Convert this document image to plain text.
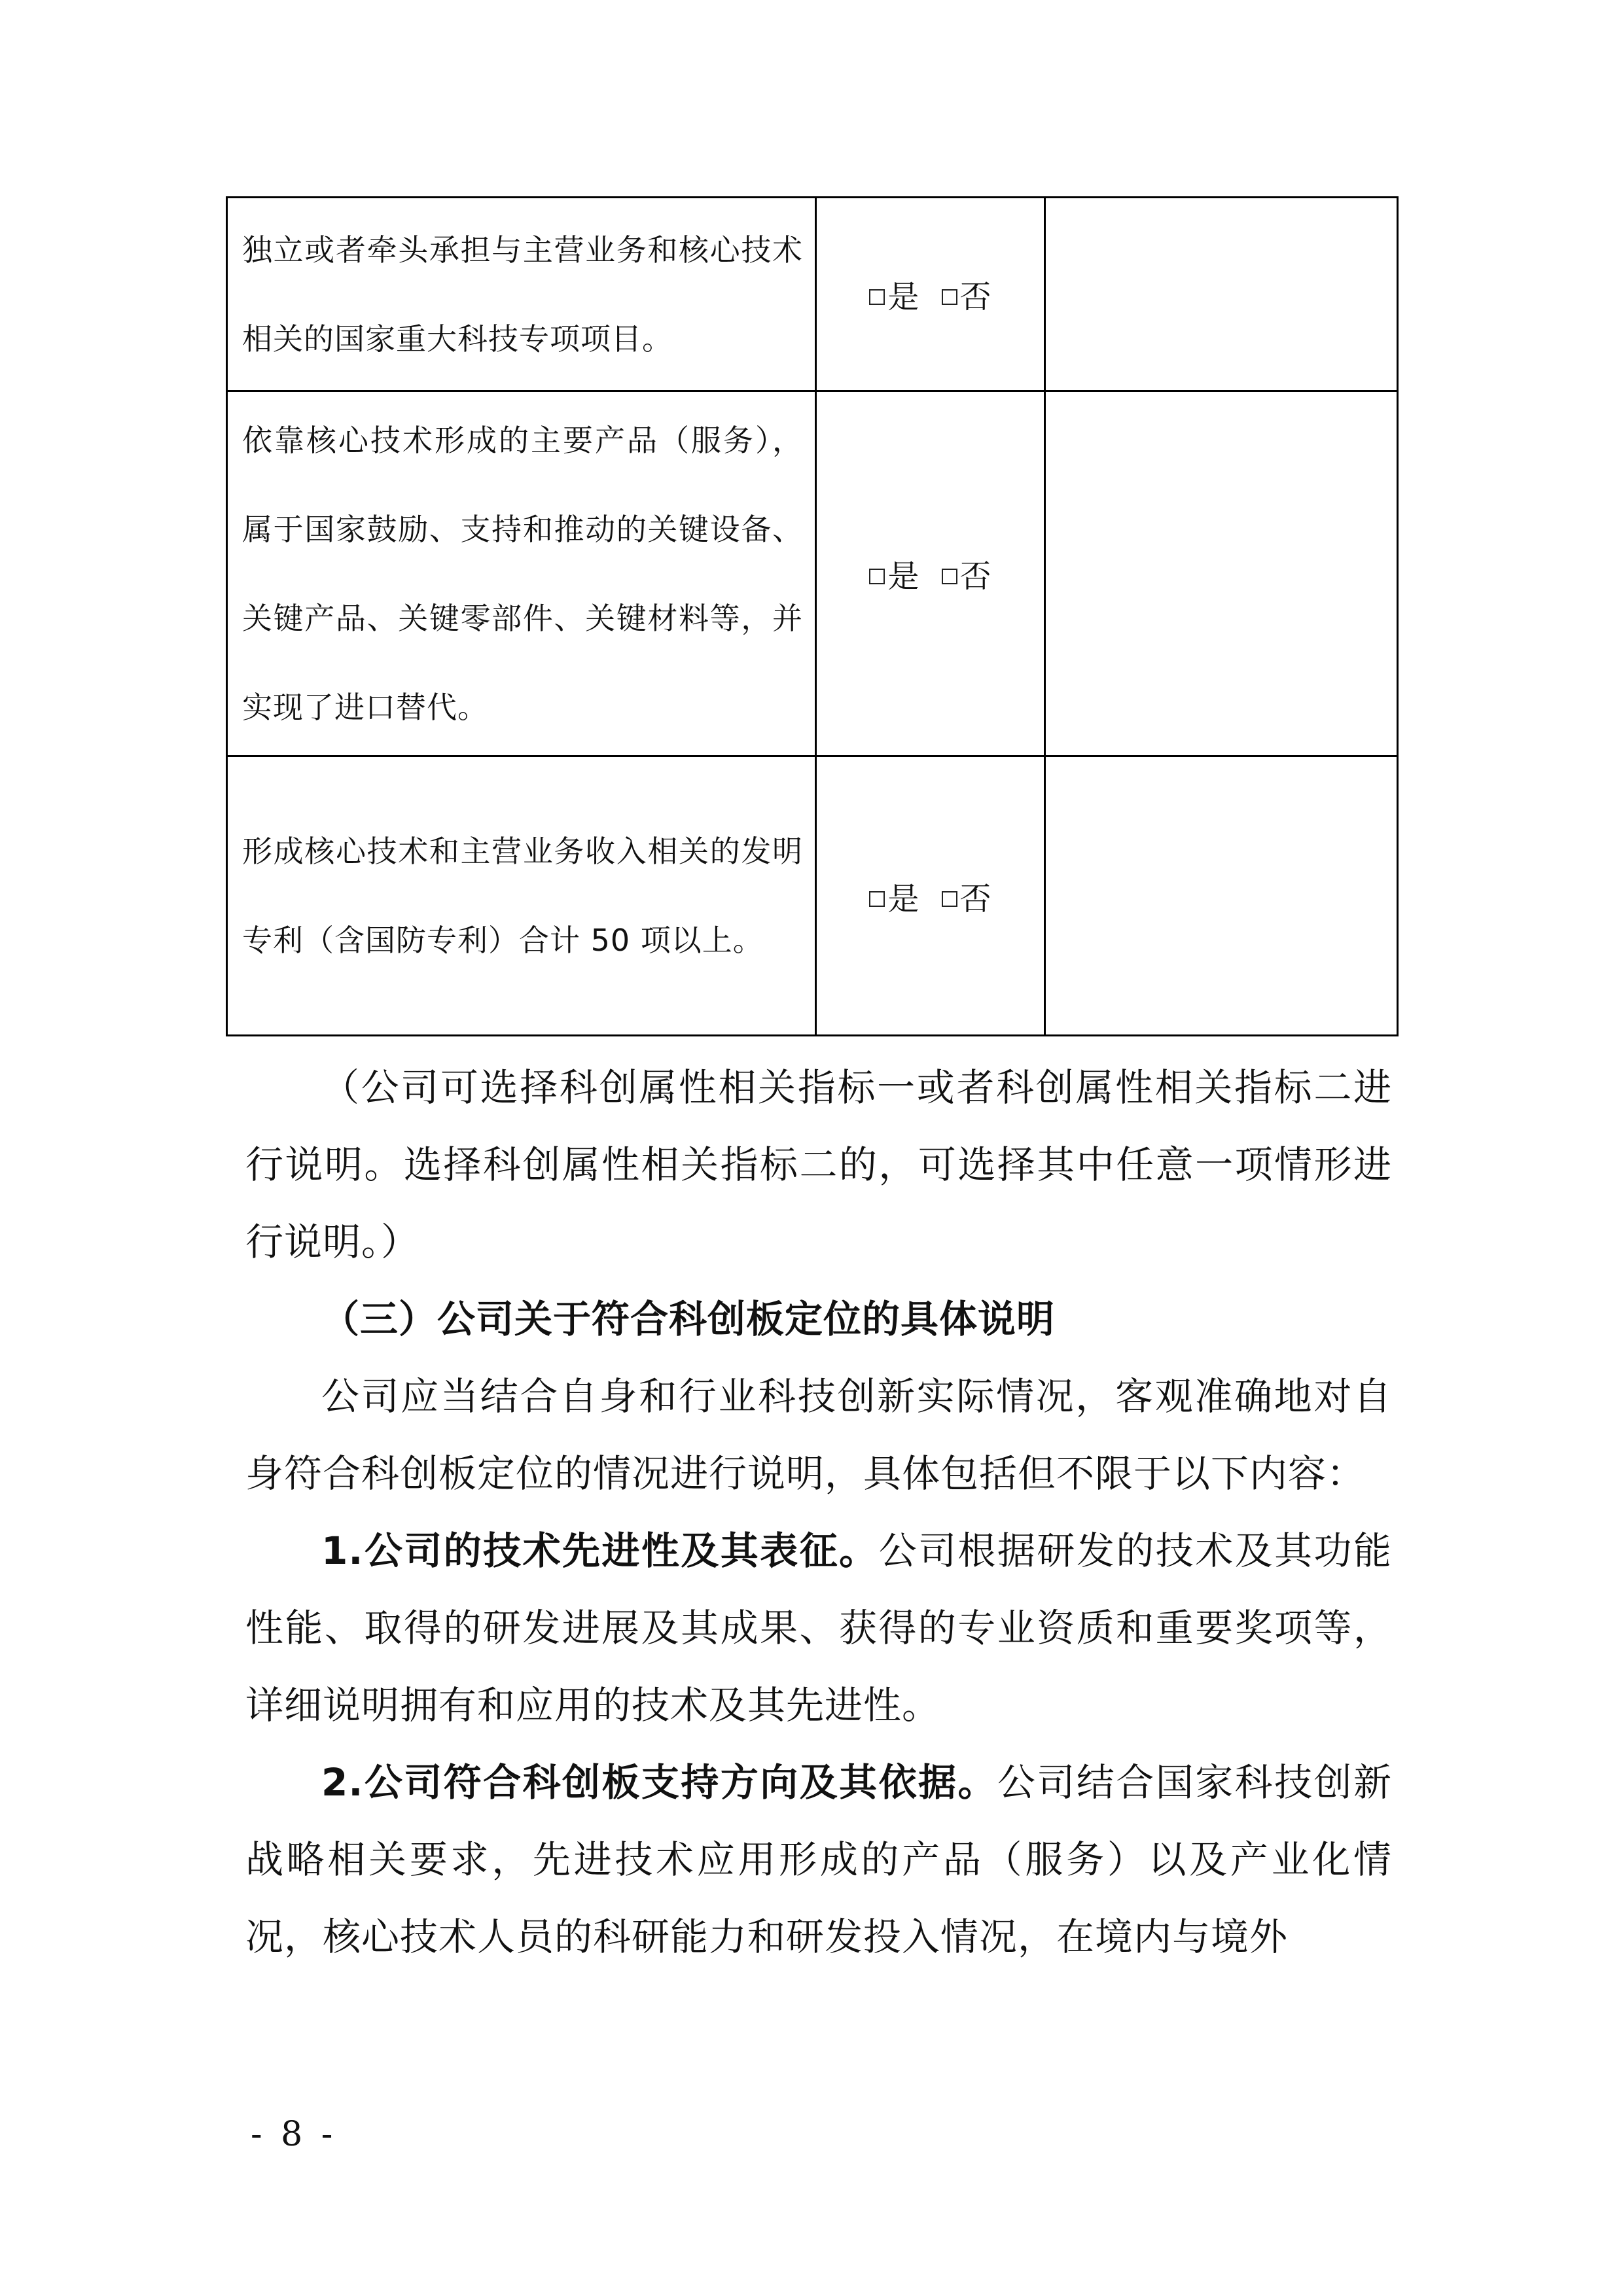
独立或者牵头承担与主营业务和核心技术相关的国家重大科技专项项目。	是 否	

依靠核心技术形成的主要产品（服务），属于国家鼓励、支持和推动的关键设备、关键产品、关键零部件、关键材料等，并实现了进口替代。	是 否	

形成核心技术和主营业务收入相关的发明专利（含国防专利）合计 50 项以上。	是 否	

（公司可选择科创属性相关指标一或者科创属性相关指标二进行说明。选择科创属性相关指标二的，可选择其中任意一项情形进行说明。）

（三）公司关于符合科创板定位的具体说明

公司应当结合自身和行业科技创新实际情况，客观准确地对自身符合科创板定位的情况进行说明，具体包括但不限于以下内容：

1.公司的技术先进性及其表征。公司根据研发的技术及其功能性能、取得的研发进展及其成果、获得的专业资质和重要奖项等，详细说明拥有和应用的技术及其先进性。

2.公司符合科创板支持方向及其依据。公司结合国家科技创新战略相关要求，先进技术应用形成的产品（服务）以及产业化情况，核心技术人员的科研能力和研发投入情况，在境内与境外

- 8 -
